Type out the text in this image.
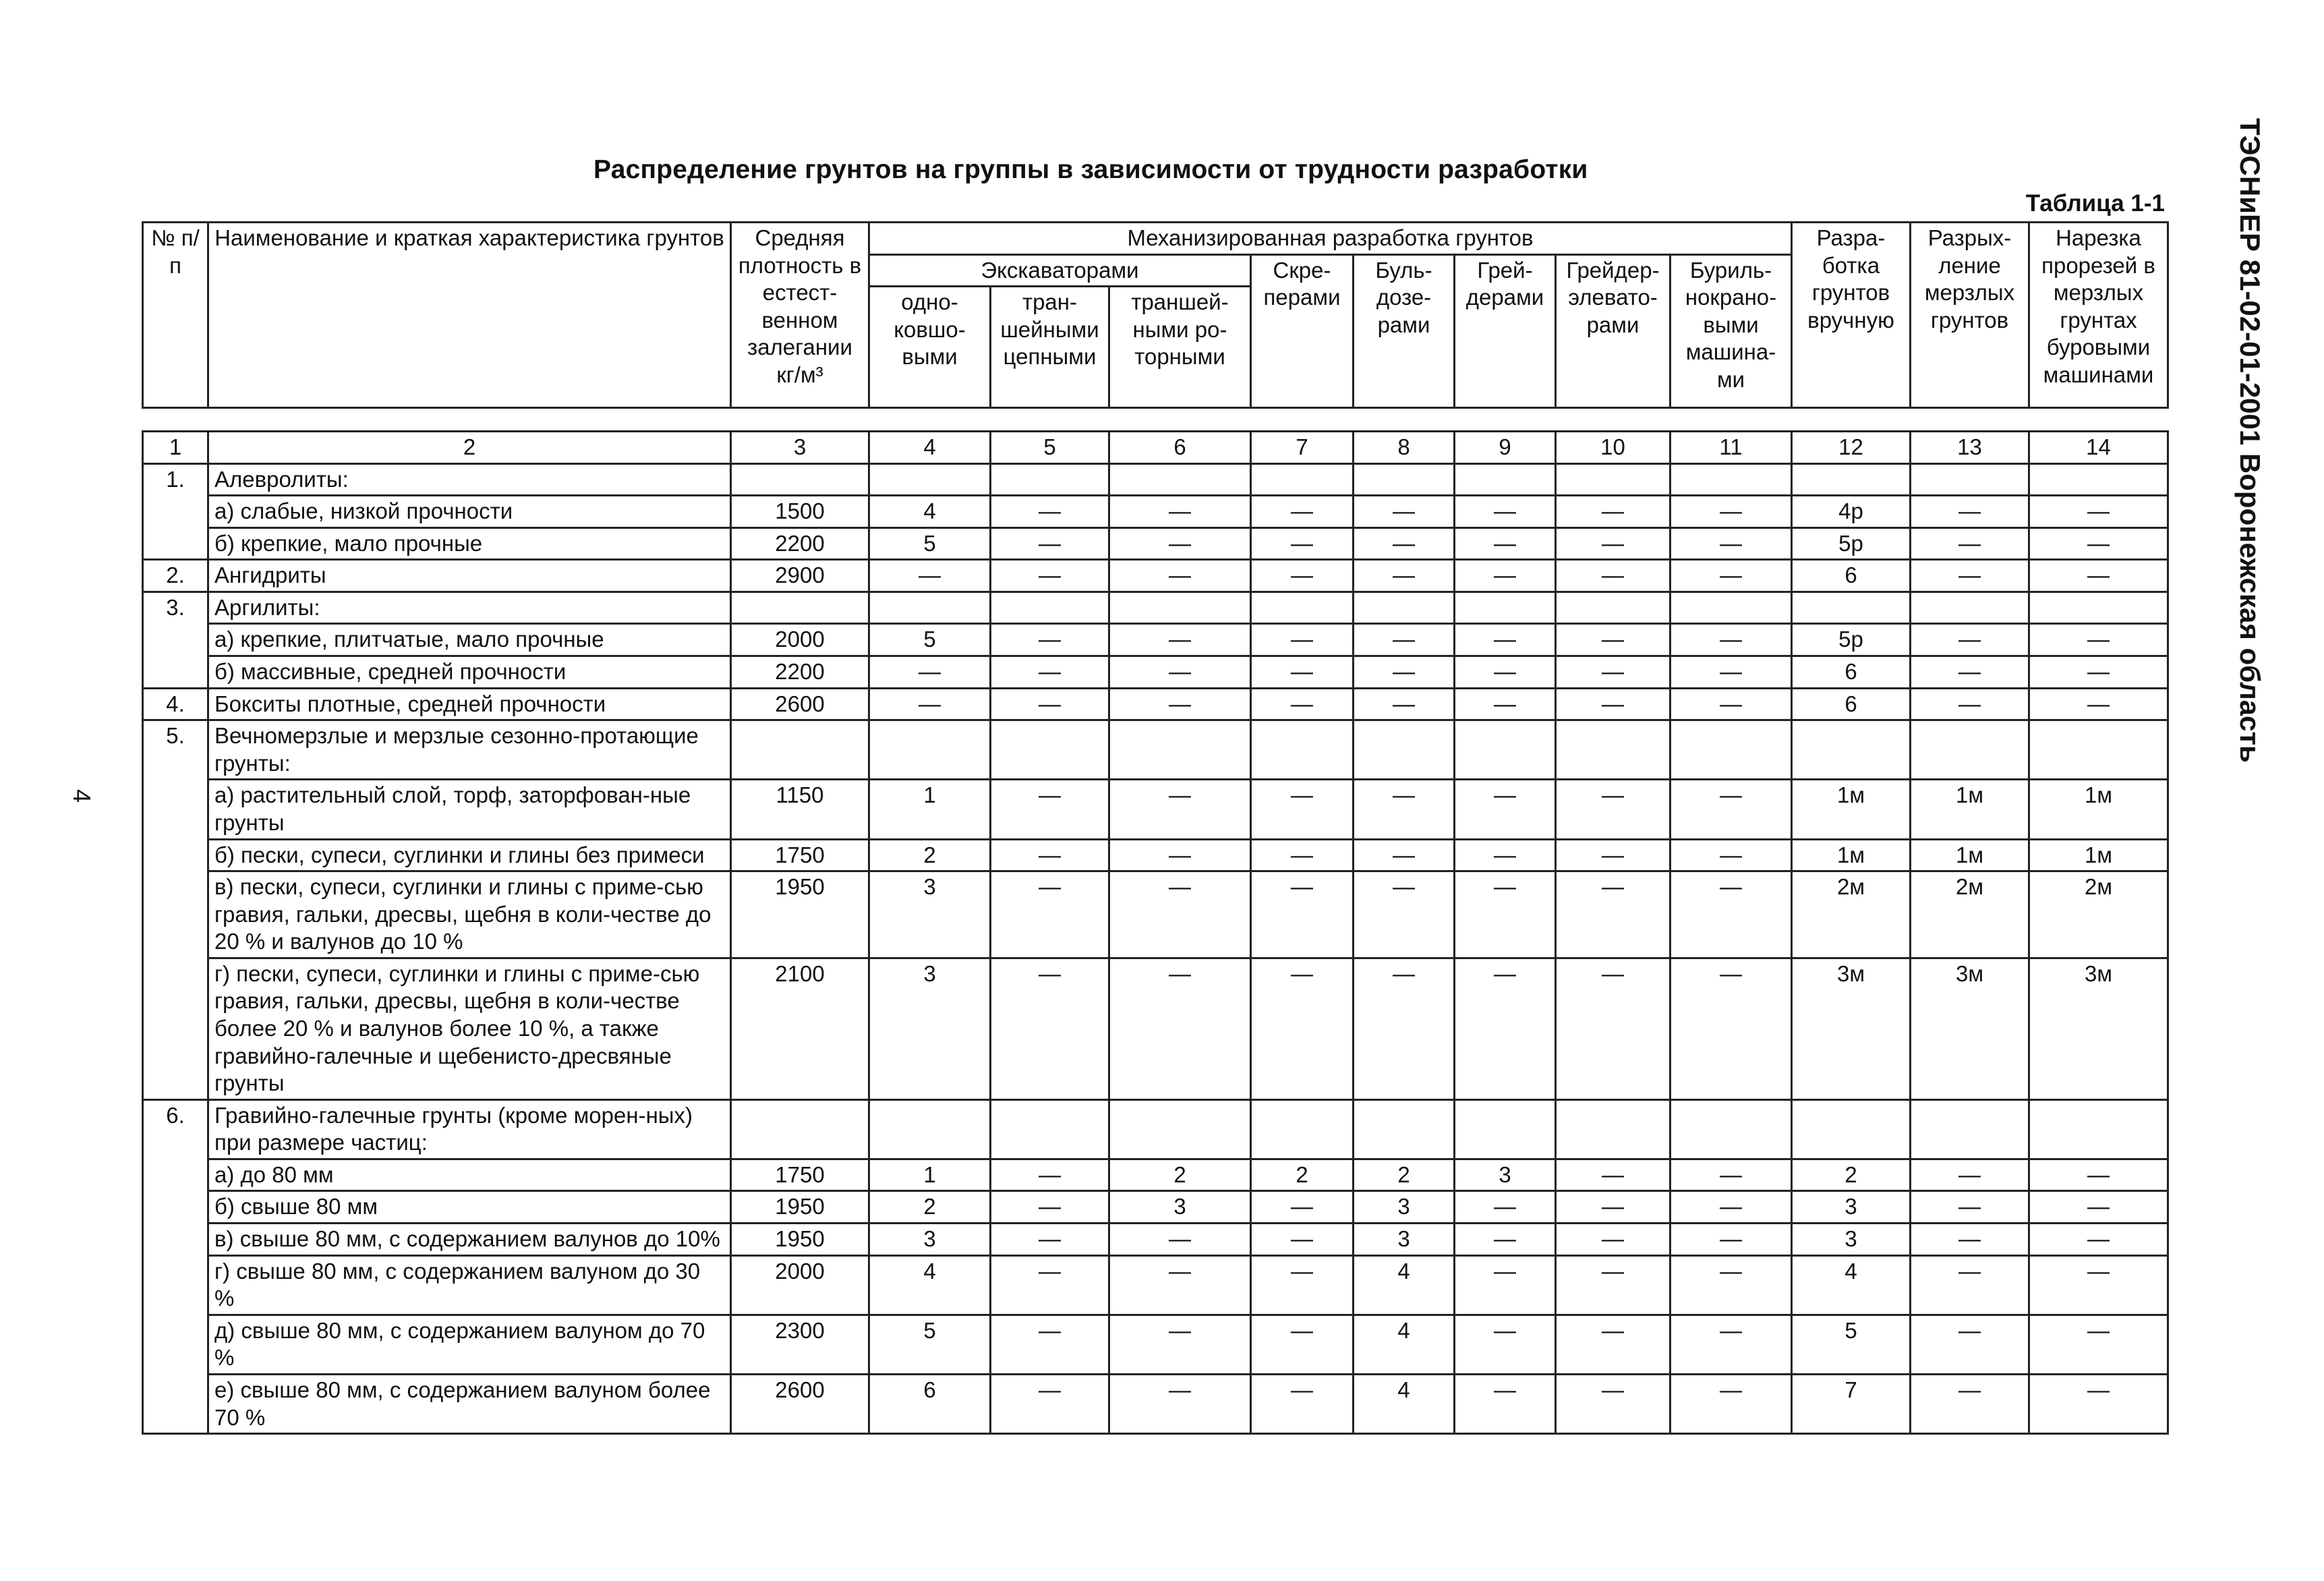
Распределение грунтов на группы в зависимости от трудности разработки
Таблица 1-1	ТЭСНиЕР 81-02-01-2001 Воронежская область
4
№ п/п	Наименование и краткая характеристика грунтов	Средняя плотность в естест-венном залегании кг/м³	Механизированная разработка грунтов								Разра-ботка грунтов вручную	Разрых-ление мерзлых грунтов	Нарезка прорезей в мерзлых грунтах буровыми машинами
			Экскаваторами			Скре-перами	Буль-дозе-рами	Грей-дерами	Грейдер-элевато-рами	Буриль-нокрано-выми машина-ми			
			одно-ковшо-выми	тран-шейными цепными	траншей-ными ро-торными								
1	2	3	4	5	6	7	8	9	10	11	12	13	14
1.	Алевролиты:												
	а) слабые, низкой прочности	1500	4	—	—	—	—	—	—	—	4р	—	—
	б) крепкие, мало прочные	2200	5	—	—	—	—	—	—	—	5р	—	—
2.	Ангидриты	2900	—	—	—	—	—	—	—	—	6	—	—
3.	Аргилиты:												
	а) крепкие, плитчатые, мало прочные	2000	5	—	—	—	—	—	—	—	5р	—	—
	б) массивные, средней прочности	2200	—	—	—	—	—	—	—	—	6	—	—
4.	Бокситы плотные, средней прочности	2600	—	—	—	—	—	—	—	—	6	—	—
5.	Вечномерзлые и мерзлые сезонно-протающие грунты:												
	а) растительный слой, торф, заторфован-ные грунты	1150	1	—	—	—	—	—	—	—	1м	1м	1м
	б) пески, супеси, суглинки и глины без примеси	1750	2	—	—	—	—	—	—	—	1м	1м	1м
	в) пески, супеси, суглинки и глины с приме-сью гравия, гальки, дресвы, щебня в коли-честве до 20 % и валунов до 10 %	1950	3	—	—	—	—	—	—	—	2м	2м	2м
	г) пески, супеси, суглинки и глины с приме-сью гравия, гальки, дресвы, щебня в коли-честве более 20 % и валунов более 10 %, а также гравийно-галечные и щебенисто-дресвяные грунты	2100	3	—	—	—	—	—	—	—	3м	3м	3м
6.	Гравийно-галечные грунты (кроме морен-ных) при размере частиц:												
	а) до 80 мм	1750	1	—	2	2	2	3	—	—	2	—	—
	б) свыше 80 мм	1950	2	—	3	—	3	—	—	—	3	—	—
	в) свыше 80 мм, с содержанием валунов до 10%	1950	3	—	—	—	3	—	—	—	3	—	—
	г) свыше 80 мм, с содержанием валуном до 30 %	2000	4	—	—	—	4	—	—	—	4	—	—
	д) свыше 80 мм, с содержанием валуном до 70 %	2300	5	—	—	—	4	—	—	—	5	—	—
	е) свыше 80 мм, с содержанием валуном более 70 %	2600	6	—	—	—	4	—	—	—	7	—	—
